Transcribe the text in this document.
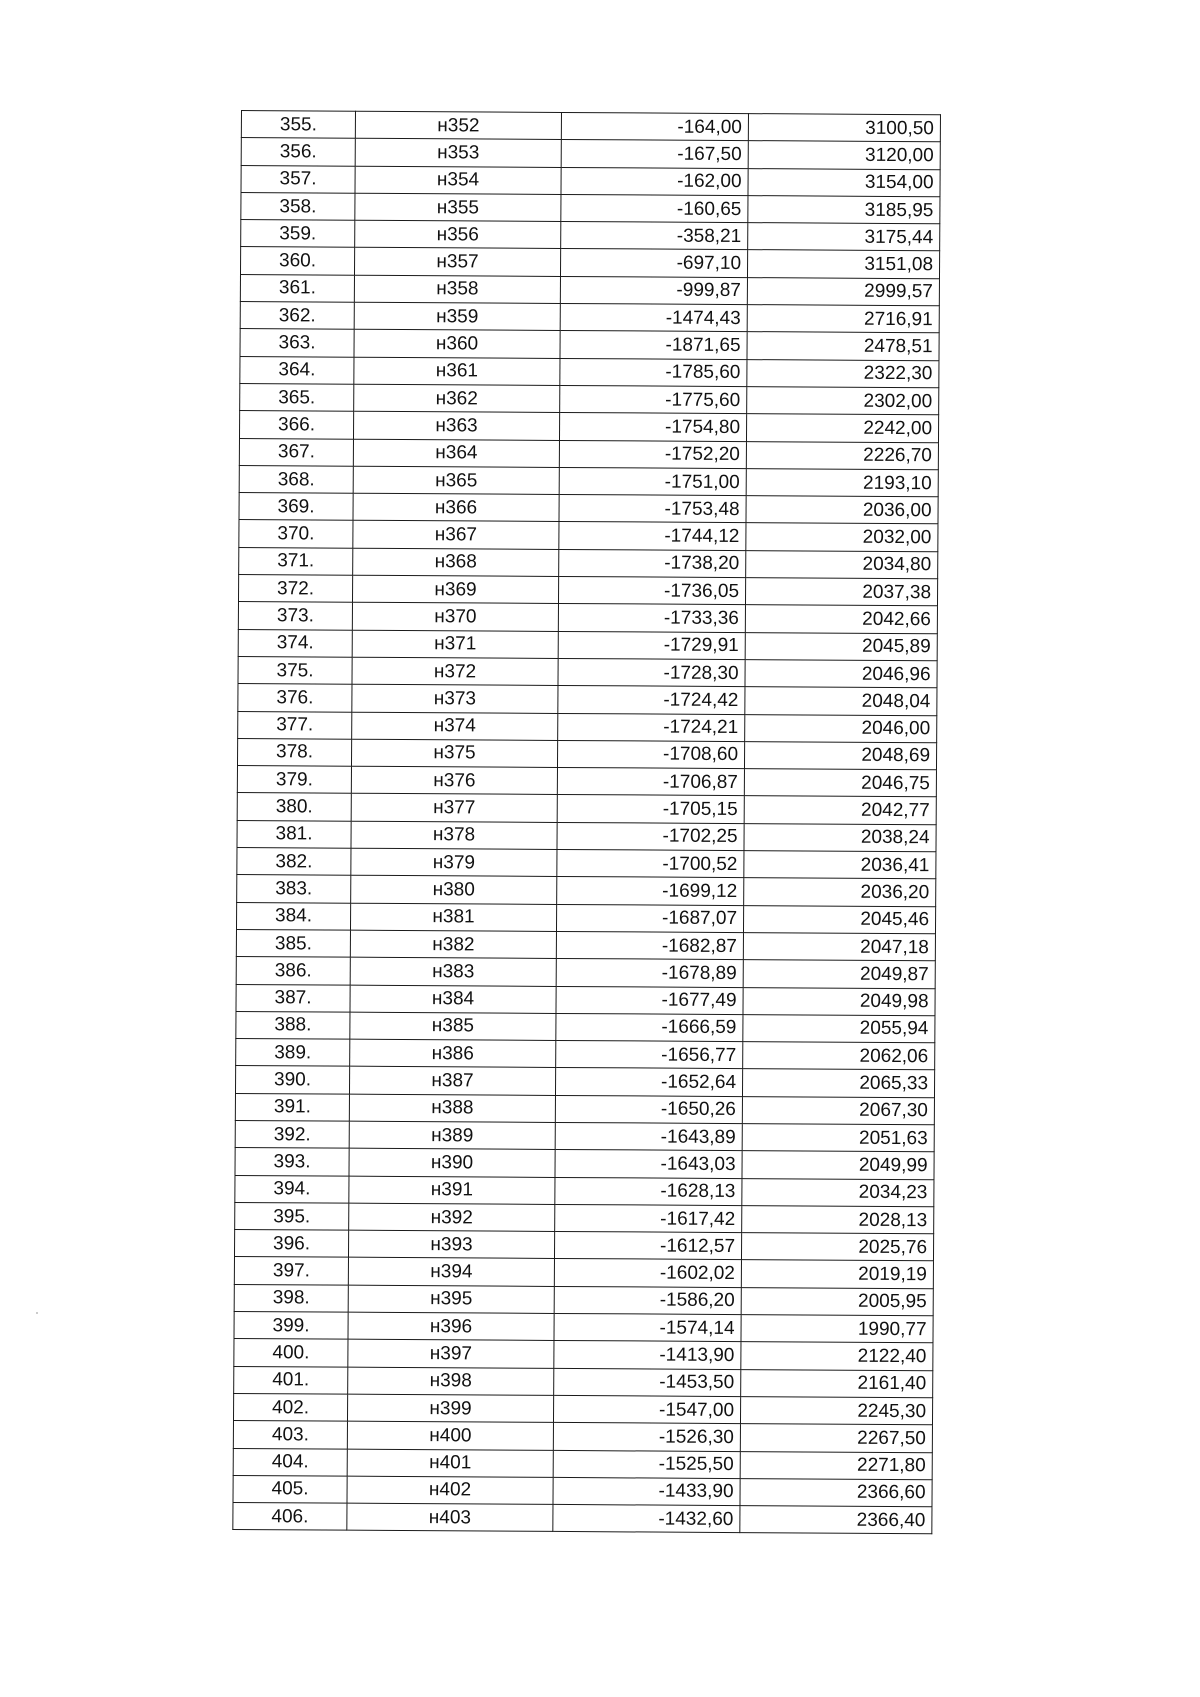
355.	н352	-164,00	3100,50
356.	н353	-167,50	3120,00
357.	н354	-162,00	3154,00
358.	н355	-160,65	3185,95
359.	н356	-358,21	3175,44
360.	н357	-697,10	3151,08
361.	н358	-999,87	2999,57
362.	н359	-1474,43	2716,91
363.	н360	-1871,65	2478,51
364.	н361	-1785,60	2322,30
365.	н362	-1775,60	2302,00
366.	н363	-1754,80	2242,00
367.	н364	-1752,20	2226,70
368.	н365	-1751,00	2193,10
369.	н366	-1753,48	2036,00
370.	н367	-1744,12	2032,00
371.	н368	-1738,20	2034,80
372.	н369	-1736,05	2037,38
373.	н370	-1733,36	2042,66
374.	н371	-1729,91	2045,89
375.	н372	-1728,30	2046,96
376.	н373	-1724,42	2048,04
377.	н374	-1724,21	2046,00
378.	н375	-1708,60	2048,69
379.	н376	-1706,87	2046,75
380.	н377	-1705,15	2042,77
381.	н378	-1702,25	2038,24
382.	н379	-1700,52	2036,41
383.	н380	-1699,12	2036,20
384.	н381	-1687,07	2045,46
385.	н382	-1682,87	2047,18
386.	н383	-1678,89	2049,87
387.	н384	-1677,49	2049,98
388.	н385	-1666,59	2055,94
389.	н386	-1656,77	2062,06
390.	н387	-1652,64	2065,33
391.	н388	-1650,26	2067,30
392.	н389	-1643,89	2051,63
393.	н390	-1643,03	2049,99
394.	н391	-1628,13	2034,23
395.	н392	-1617,42	2028,13
396.	н393	-1612,57	2025,76
397.	н394	-1602,02	2019,19
398.	н395	-1586,20	2005,95
399.	н396	-1574,14	1990,77
400.	н397	-1413,90	2122,40
401.	н398	-1453,50	2161,40
402.	н399	-1547,00	2245,30
403.	н400	-1526,30	2267,50
404.	н401	-1525,50	2271,80
405.	н402	-1433,90	2366,60
406.	н403	-1432,60	2366,40
